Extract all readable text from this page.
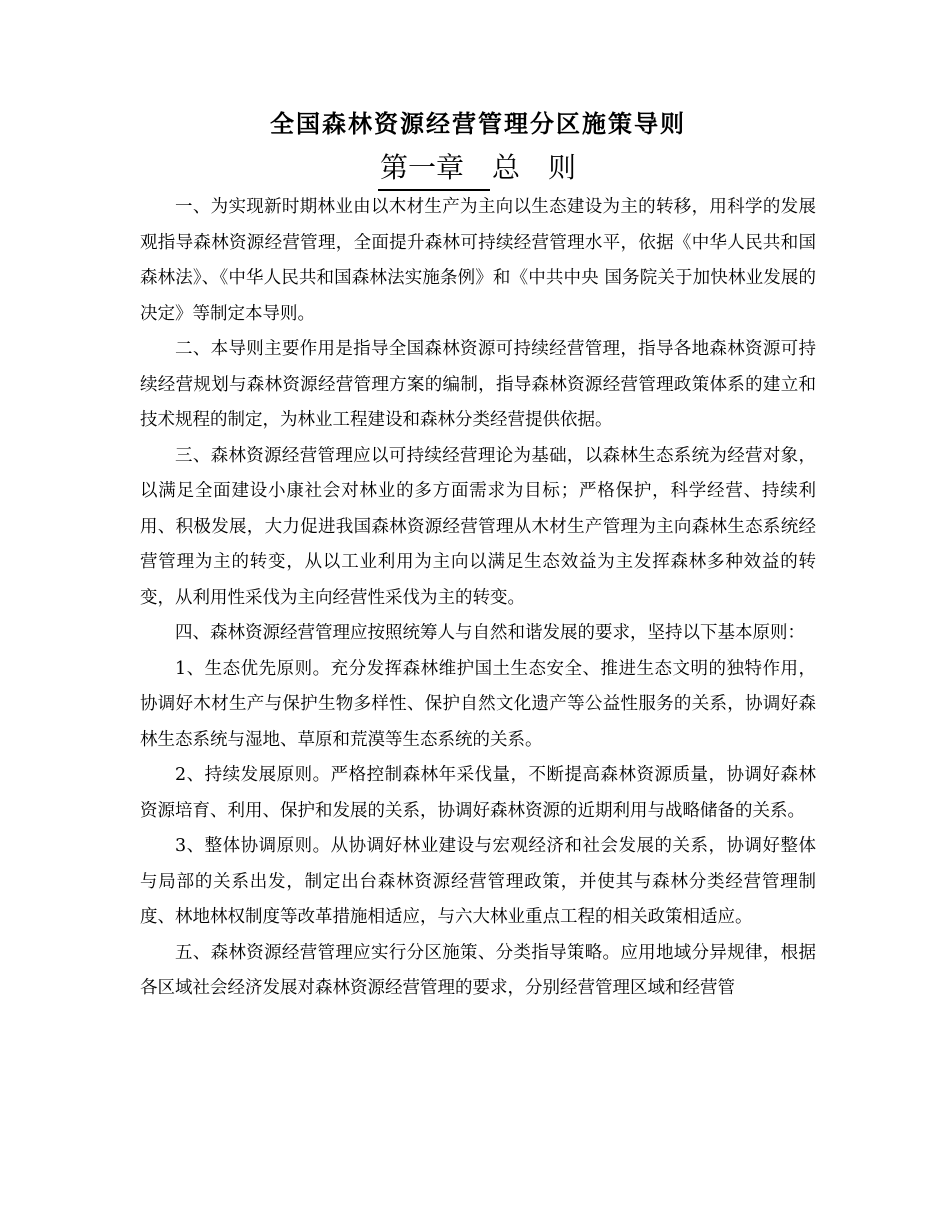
全国森林资源经营管理分区施策导则
第一章　总　则

一、为实现新时期林业由以木材生产为主向以生态建设为主的转移，用科学的发展观指导森林资源经营管理，全面提升森林可持续经营管理水平，依据《中华人民共和国森林法》、《中华人民共和国森林法实施条例》和《中共中央 国务院关于加快林业发展的决定》等制定本导则。

二、本导则主要作用是指导全国森林资源可持续经营管理，指导各地森林资源可持续经营规划与森林资源经营管理方案的编制，指导森林资源经营管理政策体系的建立和技术规程的制定，为林业工程建设和森林分类经营提供依据。

三、森林资源经营管理应以可持续经营理论为基础，以森林生态系统为经营对象，以满足全面建设小康社会对林业的多方面需求为目标；严格保护，科学经营、持续利用、积极发展，大力促进我国森林资源经营管理从木材生产管理为主向森林生态系统经营管理为主的转变，从以工业利用为主向以满足生态效益为主发挥森林多种效益的转变，从利用性采伐为主向经营性采伐为主的转变。

四、森林资源经营管理应按照统筹人与自然和谐发展的要求，坚持以下基本原则：

1、生态优先原则。充分发挥森林维护国土生态安全、推进生态文明的独特作用，协调好木材生产与保护生物多样性、保护自然文化遗产等公益性服务的关系，协调好森林生态系统与湿地、草原和荒漠等生态系统的关系。

2、持续发展原则。严格控制森林年采伐量，不断提高森林资源质量，协调好森林资源培育、利用、保护和发展的关系，协调好森林资源的近期利用与战略储备的关系。

3、整体协调原则。从协调好林业建设与宏观经济和社会发展的关系，协调好整体与局部的关系出发，制定出台森林资源经营管理政策，并使其与森林分类经营管理制度、林地林权制度等改革措施相适应，与六大林业重点工程的相关政策相适应。

五、森林资源经营管理应实行分区施策、分类指导策略。应用地域分异规律，根据各区域社会经济发展对森林资源经营管理的要求，分别经营管理区域和经营管
